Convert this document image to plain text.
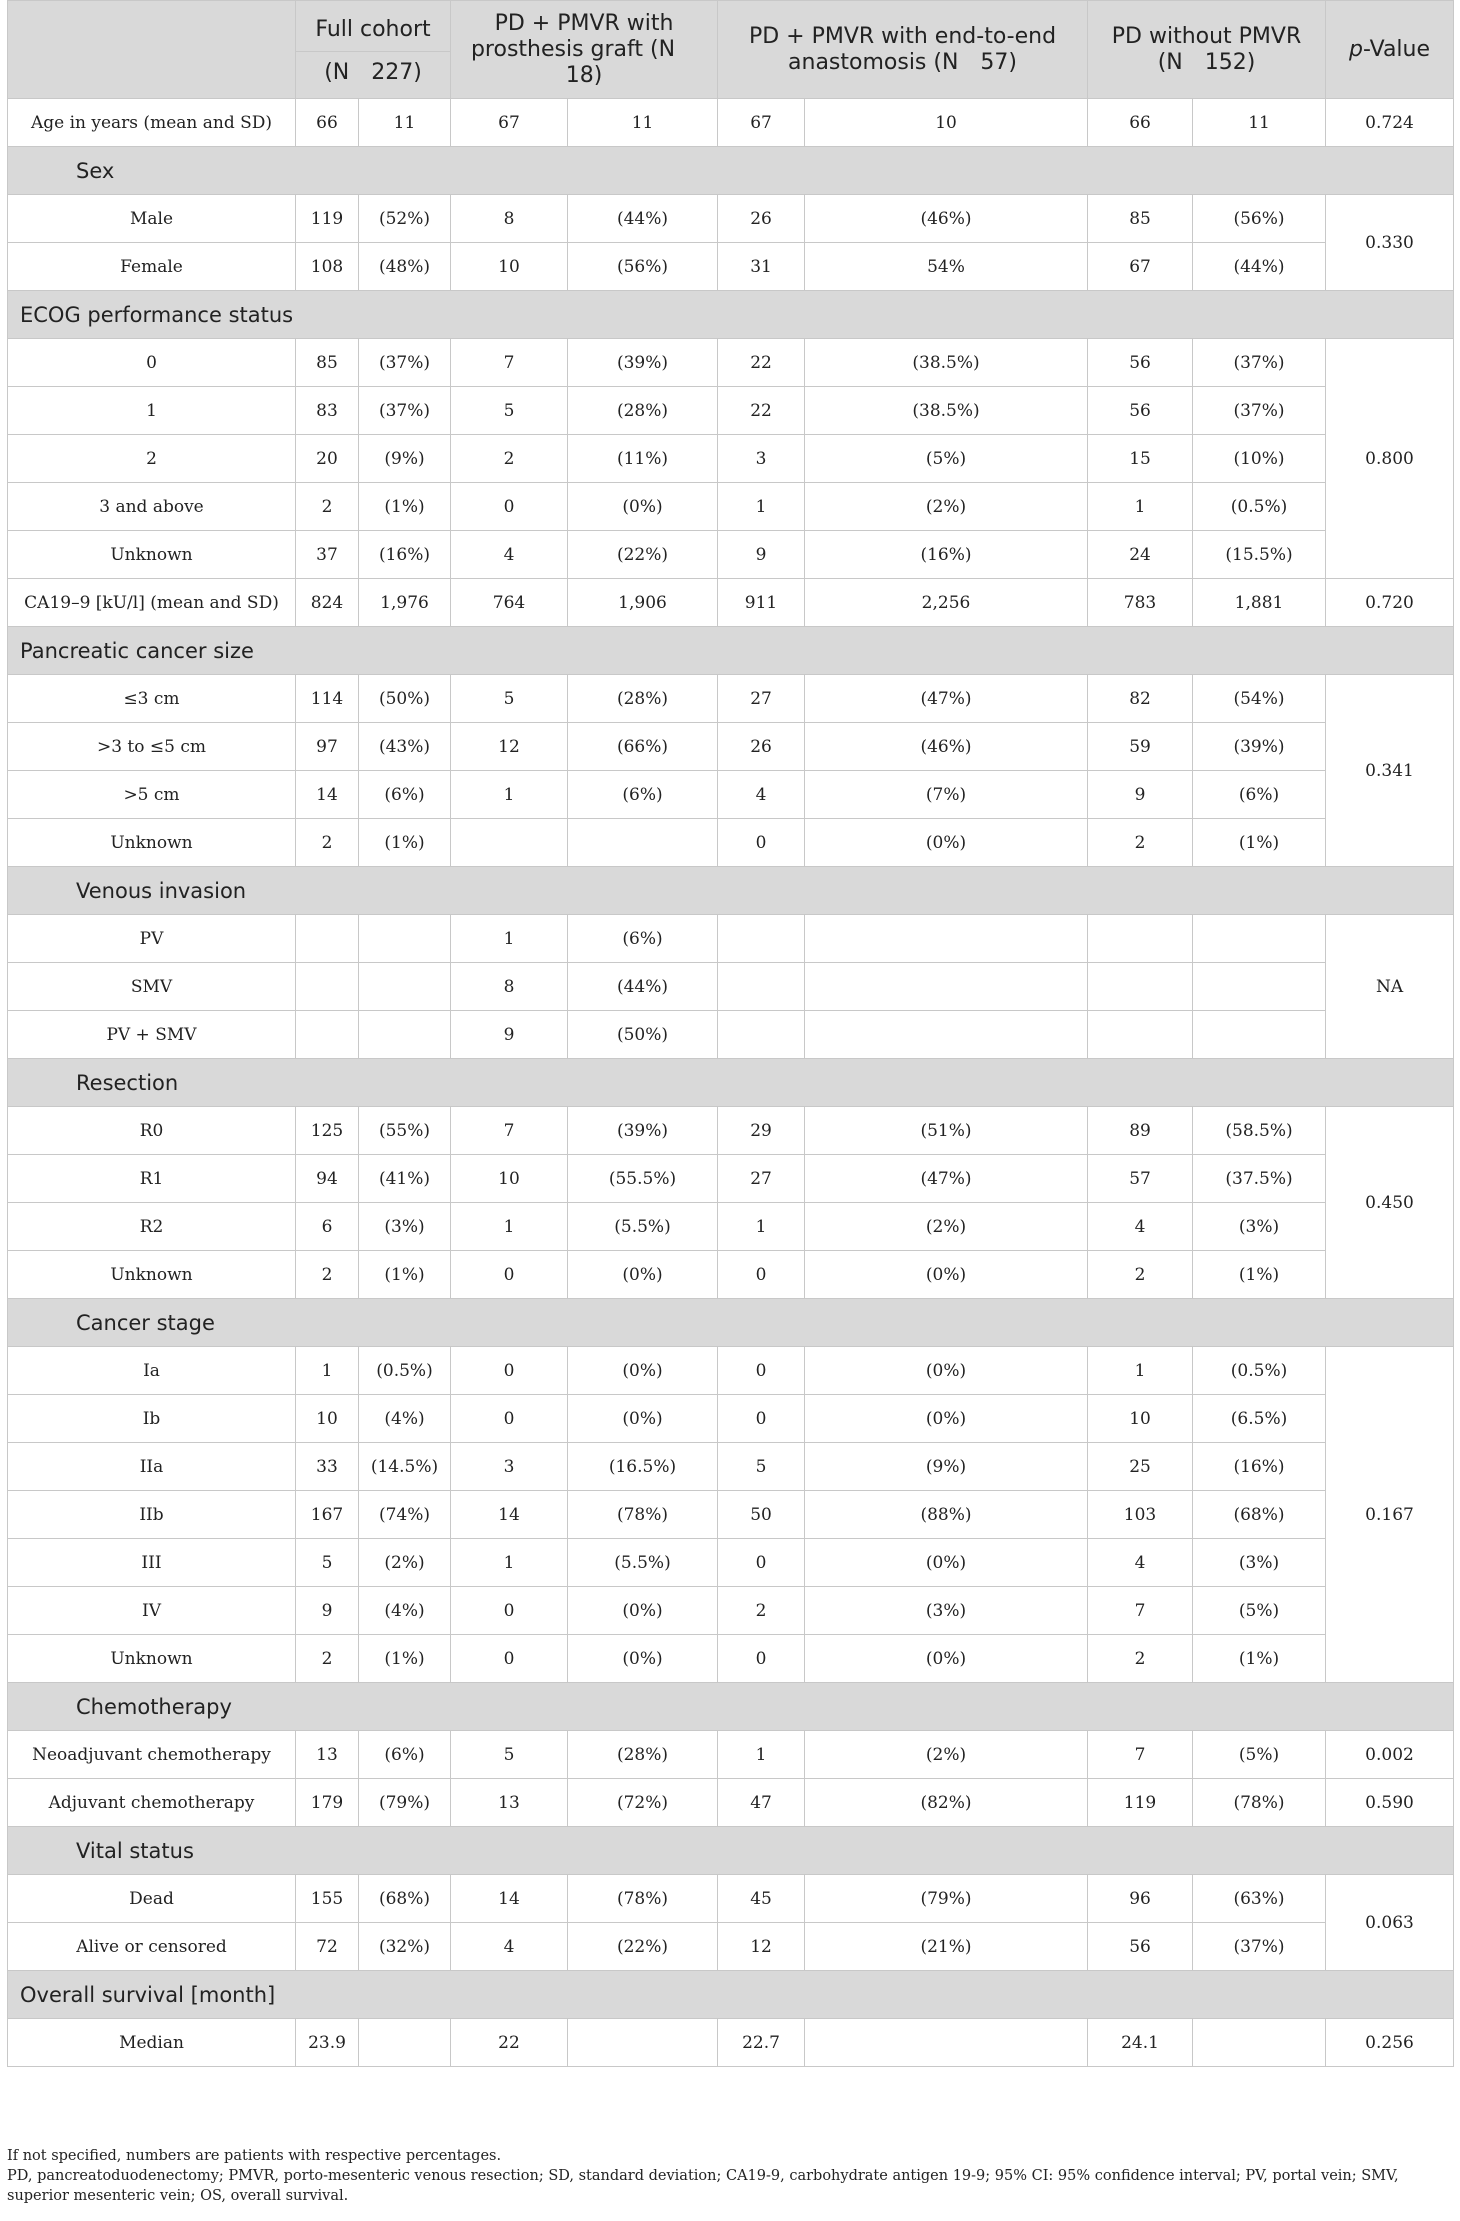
	Full cohort
(N 227)		PD + PMVR with prosthesis graft (N 18)		PD + PMVR with end-to-end anastomosis (N 57)		PD without PMVR (N 152)		p-Value
Age in years (mean and SD)	66	11	67	11	67	10	66	11	0.724
Sex									
Male	119	(52%)	8	(44%)	26	(46%)	85	(56%)	0.330
Female	108	(48%)	10	(56%)	31	54%	67	(44%)	
ECOG performance status									
0	85	(37%)	7	(39%)	22	(38.5%)	56	(37%)	0.800
1	83	(37%)	5	(28%)	22	(38.5%)	56	(37%)	
2	20	(9%)	2	(11%)	3	(5%)	15	(10%)	
3 and above	2	(1%)	0	(0%)	1	(2%)	1	(0.5%)	
Unknown	37	(16%)	4	(22%)	9	(16%)	24	(15.5%)	
CA19–9 [kU/l] (mean and SD)	824	1,976	764	1,906	911	2,256	783	1,881	0.720
Pancreatic cancer size									
≤3 cm	114	(50%)	5	(28%)	27	(47%)	82	(54%)	0.341
>3 to ≤5 cm	97	(43%)	12	(66%)	26	(46%)	59	(39%)	
>5 cm	14	(6%)	1	(6%)	4	(7%)	9	(6%)	
Unknown	2	(1%)			0	(0%)	2	(1%)	
Venous invasion									
PV			1	(6%)					NA
SMV			8	(44%)					
PV + SMV			9	(50%)					
Resection									
R0	125	(55%)	7	(39%)	29	(51%)	89	(58.5%)	0.450
R1	94	(41%)	10	(55.5%)	27	(47%)	57	(37.5%)	
R2	6	(3%)	1	(5.5%)	1	(2%)	4	(3%)	
Unknown	2	(1%)	0	(0%)	0	(0%)	2	(1%)	
Cancer stage									
Ia	1	(0.5%)	0	(0%)	0	(0%)	1	(0.5%)	0.167
Ib	10	(4%)	0	(0%)	0	(0%)	10	(6.5%)	
IIa	33	(14.5%)	3	(16.5%)	5	(9%)	25	(16%)	
IIb	167	(74%)	14	(78%)	50	(88%)	103	(68%)	
III	5	(2%)	1	(5.5%)	0	(0%)	4	(3%)	
IV	9	(4%)	0	(0%)	2	(3%)	7	(5%)	
Unknown	2	(1%)	0	(0%)	0	(0%)	2	(1%)	
Chemotherapy									
Neoadjuvant chemotherapy	13	(6%)	5	(28%)	1	(2%)	7	(5%)	0.002
Adjuvant chemotherapy	179	(79%)	13	(72%)	47	(82%)	119	(78%)	0.590
Vital status									
Dead	155	(68%)	14	(78%)	45	(79%)	96	(63%)	0.063
Alive or censored	72	(32%)	4	(22%)	12	(21%)	56	(37%)	
Overall survival [month]									
Median	23.9		22		22.7		24.1		0.256

If not specified, numbers are patients with respective percentages.

PD, pancreatoduodenectomy; PMVR, porto-mesenteric venous resection; SD, standard deviation; CA19-9, carbohydrate antigen 19-9; 95% CI: 95% confidence interval; PV, portal vein; SMV, superior mesenteric vein; OS, overall survival.
